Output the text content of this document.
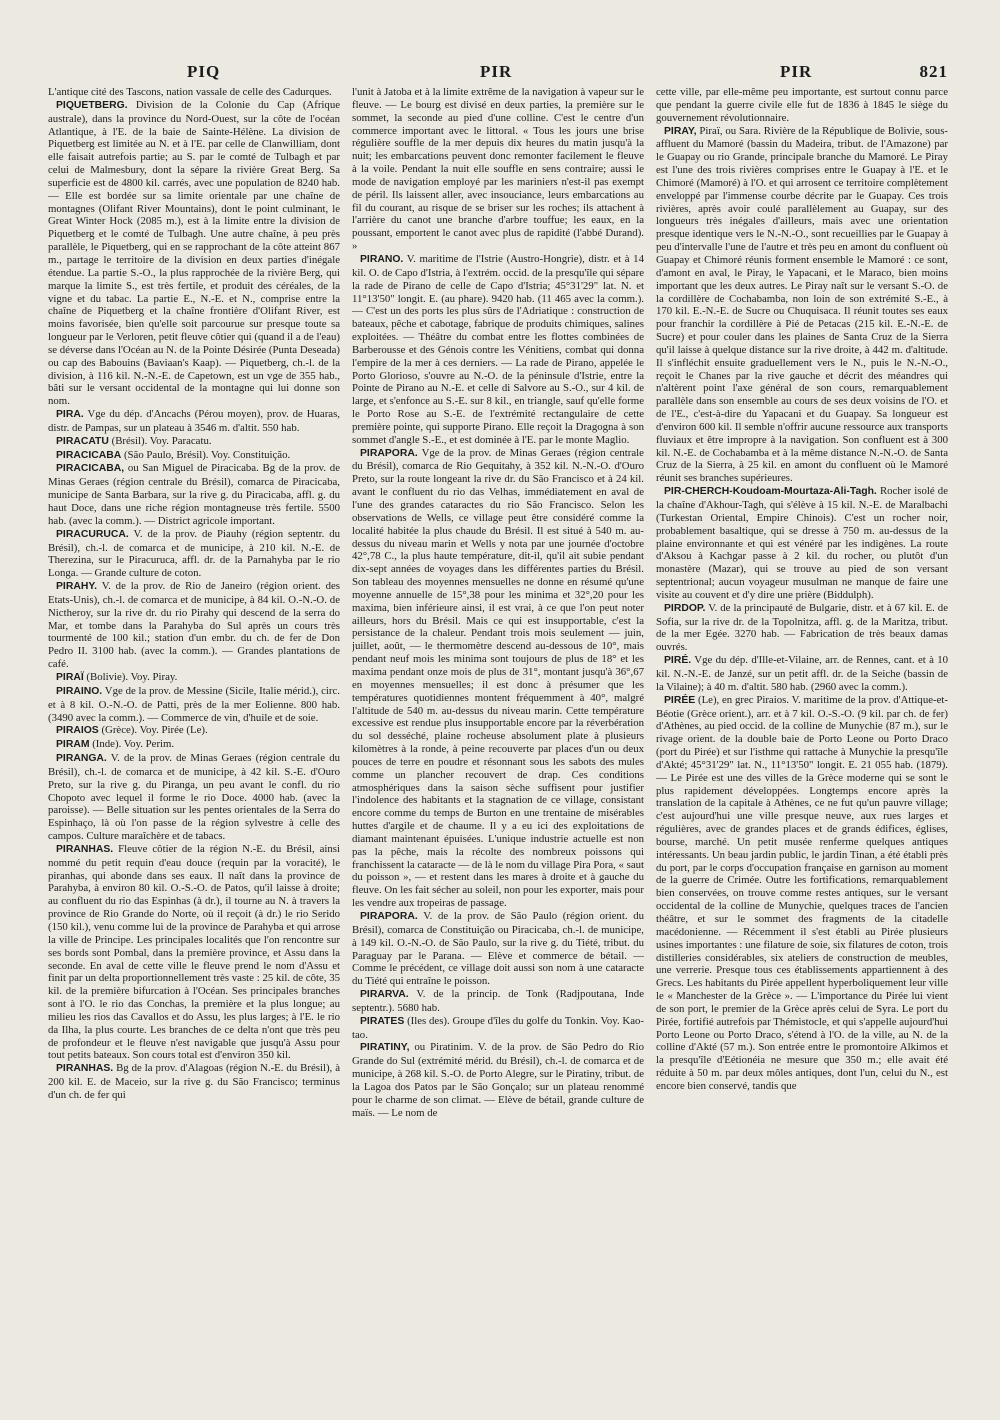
PIQ	PIR	PIR	821

L'antique cité des Tascons, nation vassale de celle des Cadurques.

PIQUETBERG. Division de la Colonie du Cap (Afrique australe), dans la province du Nord-Ouest, sur la côte de l'océan Atlantique, à l'E. de la baie de Sainte-Hélène. La division de Piquetberg est limitée au N. et à l'E. par celle de Clanwilliam, dont elle faisait autrefois partie; au S. par le comté de Tulbagh et par celui de Malmesbury, dont la sépare la rivière Great Berg. Sa superficie est de 4800 kil. carrés, avec une population de 8240 hab. — Elle est bordée sur sa limite orientale par une chaîne de montagnes (Olifant River Mountains), dont le point culminant, le Great Winter Hock (2085 m.), est à la limite entre la division de Piquetberg et le comté de Tulbagh. Une autre chaîne, à peu près parallèle, le Piquetberg, qui en se rapprochant de la côte atteint 867 m., partage le territoire de la division en deux parties d'inégale étendue. La partie S.-O., la plus rapprochée de la rivière Berg, qui marque la limite S., est très fertile, et produit des céréales, de la vigne et du tabac. La partie E., N.-E. et N., comprise entre la chaîne de Piquetberg et la chaîne frontière d'Olifant River, est moins favorisée, bien qu'elle soit parcourue sur presque toute sa longueur par le Verloren, petit fleuve côtier qui (quand il a de l'eau) se déverse dans l'Océan au N. de la Pointe Désirée (Punta Deseada) ou cap des Babouins (Baviaan's Kaap). — Piquetberg, ch.-l. de la division, à 116 kil. N.-N.-E. de Capetown, est un vge de 355 hab., bâti sur le versant occidental de la montagne qui lui donne son nom.

PIRA. Vge du dép. d'Ancachs (Pérou moyen), prov. de Huaras, distr. de Pampas, sur un plateau à 3546 m. d'altit. 550 hab.

PIRACATU (Brésil). Voy. Paracatu.

PIRACICABA (São Paulo, Brésil). Voy. Constituição.

PIRACICABA, ou San Miguel de Piracicaba. Bg de la prov. de Minas Geraes (région centrale du Brésil), comarca de Piracicaba, municipe de Santa Barbara, sur la rive g. du Piracicaba, affl. g. du haut Doce, dans une riche région montagneuse très fertile. 5500 hab. (avec la comm.). — District agricole important.

PIRACURUCA. V. de la prov. de Piauhy (région septentr. du Brésil), ch.-l. de comarca et de municipe, à 210 kil. N.-E. de Therezina, sur le Piracuruca, affl. dr. de la Parnahyba par le rio Longa. — Grande culture de coton.

PIRAHY. V. de la prov. de Rio de Janeiro (région orient. des Etats-Unis), ch.-l. de comarca et de municipe, à 84 kil. O.-N.-O. de Nictheroy, sur la rive dr. du rio Pirahy qui descend de la serra do Mar, et tombe dans la Parahyba do Sul après un cours très tourmenté de 100 kil.; station d'un embr. du ch. de fer de Don Pedro II. 3100 hab. (avec la comm.). — Grandes plantations de café.

PIRAÏ (Bolivie). Voy. Piray.

PIRAINO. Vge de la prov. de Messine (Sicile, Italie mérid.), circ. et à 8 kil. O.-N.-O. de Patti, près de la mer Eolienne. 800 hab. (3490 avec la comm.). — Commerce de vin, d'huile et de soie.

PIRAIOS (Grèce). Voy. Pirée (Le).

PIRAM (Inde). Voy. Perim.

PIRANGA. V. de la prov. de Minas Geraes (région centrale du Brésil), ch.-l. de comarca et de municipe, à 42 kil. S.-E. d'Ouro Preto, sur la rive g. du Piranga, un peu avant le confl. du rio Chopoto avec lequel il forme le rio Doce. 4000 hab. (avec la paroisse). — Belle situation sur les pentes orientales de la Serra do Espinhaço, là où l'on passe de la région sylvestre à celle des campos. Culture maraîchère et de tabacs.

PIRANHAS. Fleuve côtier de la région N.-E. du Brésil, ainsi nommé du petit requin d'eau douce (requin par la voracité), le piranhas, qui abonde dans ses eaux. Il naît dans la province de Parahyba, à environ 80 kil. O.-S.-O. de Patos, qu'il laisse à droite; au confluent du rio das Espinhas (à dr.), il tourne au N. à travers la province de Rio Grande do Norte, où il reçoit (à dr.) le rio Serido (150 kil.), venu comme lui de la province de Parahyba et qui arrose la ville de Principe. Les principales localités que l'on rencontre sur ses bords sont Pombal, dans la première province, et Assu dans la seconde. En aval de cette ville le fleuve prend le nom d'Assu et finit par un delta proportionnellement très vaste : 25 kil. de côte, 35 kil. de la première bifurcation à l'Océan. Ses principales branches sont à l'O. le rio das Conchas, la première et la plus longue; au milieu les rios das Cavallos et do Assu, les plus larges; à l'E. le rio da Ilha, la plus courte. Les branches de ce delta n'ont que très peu de profondeur et le fleuve n'est navigable que jusqu'à Assu pour tout petits bateaux. Son cours total est d'environ 350 kil.

PIRANHAS. Bg de la prov. d'Alagoas (région N.-E. du Brésil), à 200 kil. E. de Maceio, sur la rive g. du São Francisco; terminus d'un ch. de fer qui

l'unit à Jatoba et à la limite extrême de la navigation à vapeur sur le fleuve. — Le bourg est divisé en deux parties, la première sur le sommet, la seconde au pied d'une colline. C'est le centre d'un commerce important avec le littoral. « Tous les jours une brise régulière souffle de la mer depuis dix heures du matin jusqu'à la nuit; les embarcations peuvent donc remonter facilement le fleuve à la voile. Pendant la nuit elle souffle en sens contraire; aussi le mode de navigation employé par les mariniers n'est-il pas exempt de péril. Ils laissent aller, avec insouciance, leurs embarcations au fil du courant, au risque de se briser sur les roches; ils attachent à l'arrière du canot une branche d'arbre touffue; les eaux, en la poussant, emportent le canot avec plus de rapidité (l'abbé Durand). »

PIRANO. V. maritime de l'Istrie (Austro-Hongrie), distr. et à 14 kil. O. de Capo d'Istria, à l'extrém. occid. de la presqu'île qui sépare la rade de Pirano de celle de Capo d'Istria; 45°31'29" lat. N. et 11°13'50" longit. E. (au phare). 9420 hab. (11 465 avec la comm.). — C'est un des ports les plus sûrs de l'Adriatique : construction de bateaux, pêche et cabotage, fabrique de produits chimiques, salines exploitées. — Théâtre du combat entre les flottes combinées de Barberousse et des Génois contre les Vénitiens, combat qui donna l'empire de la mer à ces derniers. — La rade de Pirano, appelée le Porto Glorioso, s'ouvre au N.-O. de la péninsule d'Istrie, entre la Pointe de Pirano au N.-E. et celle di Salvore au S.-O., sur 4 kil. de large, et s'enfonce au S.-E. sur 8 kil., en triangle, sauf qu'elle forme le Porto Rose au S.-E. de l'extrémité rectangulaire de cette première pointe, qui supporte Pirano. Elle reçoit la Dragogna à son sommet d'angle S.-E., et est dominée à l'E. par le monte Maglio.

PIRAPORA. Vge de la prov. de Minas Geraes (région centrale du Brésil), comarca de Rio Gequitahy, à 352 kil. N.-N.-O. d'Ouro Preto, sur la route longeant la rive dr. du São Francisco et à 24 kil. avant le confluent du rio das Velhas, immédiatement en aval de l'une des grandes cataractes du rio São Francisco. Selon les observations de Wells, ce village peut être considéré comme la localité habitée la plus chaude du Brésil. Il est situé à 540 m. au-dessus du niveau marin et Wells y nota par une journée d'octobre 42°,78 C., la plus haute température, dit-il, qu'il ait subie pendant dix-sept années de voyages dans les différentes parties du Brésil. Son tableau des moyennes mensuelles ne donne en résumé qu'une moyenne annuelle de 15°,38 pour les minima et 32°,20 pour les maxima, bien inférieure ainsi, il est vrai, à ce que l'on peut noter ailleurs, hors du Brésil. Mais ce qui est insupportable, c'est la persistance de la chaleur. Pendant trois mois seulement — juin, juillet, août, — le thermomètre descend au-dessous de 10°, mais pendant neuf mois les minima sont toujours de plus de 18° et les maxima pendant onze mois de plus de 31°, montant jusqu'à 36°,67 en moyennes mensuelles; il est donc à présumer que les températures quotidiennes montent fréquemment à 40°, malgré l'altitude de 540 m. au-dessus du niveau marin. Cette température excessive est rendue plus insupportable encore par la réverbération du sol desséché, plaine rocheuse absolument plate à plusieurs kilomètres à la ronde, à peine recouverte par places d'un ou deux pouces de terre en poudre et résonnant sous les sabots des mules comme un plancher recouvert de drap. Ces conditions atmosphériques dans la saison sèche suffisent pour justifier l'indolence des habitants et la stagnation de ce village, consistant encore comme du temps de Burton en une trentaine de misérables huttes d'argile et de chaume. Il y a eu ici des exploitations de diamant maintenant épuisées. L'unique industrie actuelle est non pas la pêche, mais la récolte des nombreux poissons qui franchissent la cataracte — de là le nom du village Pira Pora, « saut du poisson », — et restent dans les mares à droite et à gauche du fleuve. On les fait sécher au soleil, non pour les exporter, mais pour les vendre aux tropeiras de passage.

PIRAPORA. V. de la prov. de São Paulo (région orient. du Brésil), comarca de Constituição ou Piracicaba, ch.-l. de municipe, à 149 kil. O.-N.-O. de São Paulo, sur la rive g. du Tiété, tribut. du Paraguay par le Parana. — Elève et commerce de bétail. — Comme le précédent, ce village doit aussi son nom à une cataracte du Tiété qui entraîne le poisson.

PIRARVA. V. de la princip. de Tonk (Radjpoutana, Inde septentr.). 5680 hab.

PIRATES (Iles des). Groupe d'îles du golfe du Tonkin. Voy. Kao-tao.

PIRATINY, ou Piratinim. V. de la prov. de São Pedro do Rio Grande do Sul (extrémité mérid. du Brésil), ch.-l. de comarca et de municipe, à 268 kil. S.-O. de Porto Alegre, sur le Piratiny, tribut. de la Lagoa dos Patos par le São Gonçalo; sur un plateau renommé pour le charme de son climat. — Elève de bétail, grande culture de maïs. — Le nom de

cette ville, par elle-même peu importante, est surtout connu parce que pendant la guerre civile elle fut de 1836 à 1845 le siège du gouvernement révolutionnaire.

PIRAY, Piraï, ou Sara. Rivière de la République de Bolivie, sous-affluent du Mamoré (bassin du Madeira, tribut. de l'Amazone) par le Guapay ou rio Grande, principale branche du Mamoré. Le Piray est l'une des trois rivières comprises entre le Guapay à l'E. et le Chimoré (Mamoré) à l'O. et qui arrosent ce territoire complètement enveloppé par l'immense courbe décrite par le Guapay. Ces trois rivières, après avoir coulé parallèlement au Guapay, sur des longueurs très inégales d'ailleurs, mais avec une orientation presque identique vers le N.-N.-O., sont recueillies par le Guapay à peu d'intervalle l'une de l'autre et très peu en amont du confluent où Guapay et Chimoré réunis forment ensemble le Mamoré : ce sont, d'amont en aval, le Piray, le Yapacani, et le Maraco, bien moins important que les deux autres. Le Piray naît sur le versant S.-O. de la cordillère de Cochabamba, non loin de son extrémité S.-E., à 170 kil. E.-N.-E. de Sucre ou Chuquisaca. Il réunit toutes ses eaux pour franchir la cordillère à Pié de Petacas (215 kil. E.-N.-E. de Sucre) et pour couler dans les plaines de Santa Cruz de la Sierra qu'il laisse à quelque distance sur la rive droite, à 442 m. d'altitude. Il s'infléchit ensuite graduellement vers le N., puis le N.-N.-O., reçoit le Chanes par la rive gauche et décrit des méandres qui n'altèrent point l'axe général de son cours, remarquablement parallèle dans son ensemble au cours de ses deux voisins de l'O. et de l'E., c'est-à-dire du Yapacani et du Guapay. Sa longueur est d'environ 600 kil. Il semble n'offrir aucune ressource aux transports fluviaux et être impropre à la navigation. Son confluent est à 300 kil. N.-E. de Cochabamba et à la même distance N.-N.-O. de Santa Cruz de la Sierra, à 25 kil. en amont du confluent où le Mamoré réunit ses branches supérieures.

PIR-CHERCH-Koudoam-Mourtaza-Ali-Tagh. Rocher isolé de la chaîne d'Akhour-Tagh, qui s'élève à 15 kil. N.-E. de Maralbachi (Turkestan Oriental, Empire Chinois). C'est un rocher noir, probablement basaltique, qui se dresse à 750 m. au-dessus de la plaine environnante et qui est vénéré par les indigènes. La route d'Aksou à Kachgar passe à 2 kil. du rocher, ou plutôt d'un monastère (Mazar), qui se trouve au pied de son versant septentrional; aucun voyageur musulman ne manque de faire une visite au couvent et d'y dire une prière (Biddulph).

PIRDOP. V. de la principauté de Bulgarie, distr. et à 67 kil. E. de Sofia, sur la rive dr. de la Topolnitza, affl. g. de la Maritza, tribut. de la mer Egée. 3270 hab. — Fabrication de très beaux damas ouvrés.

PIRÉ. Vge du dép. d'Ille-et-Vilaine, arr. de Rennes, cant. et à 10 kil. N.-N.-E. de Janzé, sur un petit affl. dr. de la Seiche (bassin de la Vilaine); à 40 m. d'altit. 580 hab. (2960 avec la comm.).

PIRÉE (Le), en grec Piraios. V. maritime de la prov. d'Attique-et-Béotie (Grèce orient.), arr. et à 7 kil. O.-S.-O. (9 kil. par ch. de fer) d'Athènes, au pied occid. de la colline de Munychie (87 m.), sur le rivage orient. de la double baie de Porto Leone ou Porto Draco (port du Pirée) et sur l'isthme qui rattache à Munychie la presqu'île d'Akté; 45°31'29" lat. N., 11°13'50" longit. E. 21 055 hab. (1879). — Le Pirée est une des villes de la Grèce moderne qui se sont le plus rapidement développées. Longtemps encore après la translation de la capitale à Athènes, ce ne fut qu'un pauvre village; c'est aujourd'hui une ville presque neuve, aux rues larges et régulières, avec de grandes places et de grands édifices, églises, bourse, marché. Un petit musée renferme quelques antiques intéressants. Un beau jardin public, le jardin Tinan, a été établi près du port, par le corps d'occupation française en garnison au moment de la guerre de Crimée. Outre les fortifications, remarquablement bien conservées, on trouve comme restes antiques, sur le versant occidental de la colline de Munychie, quelques traces de l'ancien théâtre, et sur le sommet des fragments de la citadelle macédonienne. — Récemment il s'est établi au Pirée plusieurs usines importantes : une filature de soie, six filatures de coton, trois distilleries considérables, six ateliers de construction de meubles, une verrerie. Presque tous ces établissements appartiennent à des Grecs. Les habitants du Pirée appellent hyperboliquement leur ville le « Manchester de la Grèce ». — L'importance du Pirée lui vient de son port, le premier de la Grèce après celui de Syra. Le port du Pirée, fortifié autrefois par Thémistocle, et qui s'appelle aujourd'hui Porto Leone ou Porto Draco, s'étend à l'O. de la ville, au N. de la colline d'Akté (57 m.). Son entrée entre le promontoire Alkimos et la presqu'île d'Eétionéia ne mesure que 350 m.; elle avait été réduite à 50 m. par deux môles antiques, dont l'un, celui du N., est encore bien conservé, tandis que
